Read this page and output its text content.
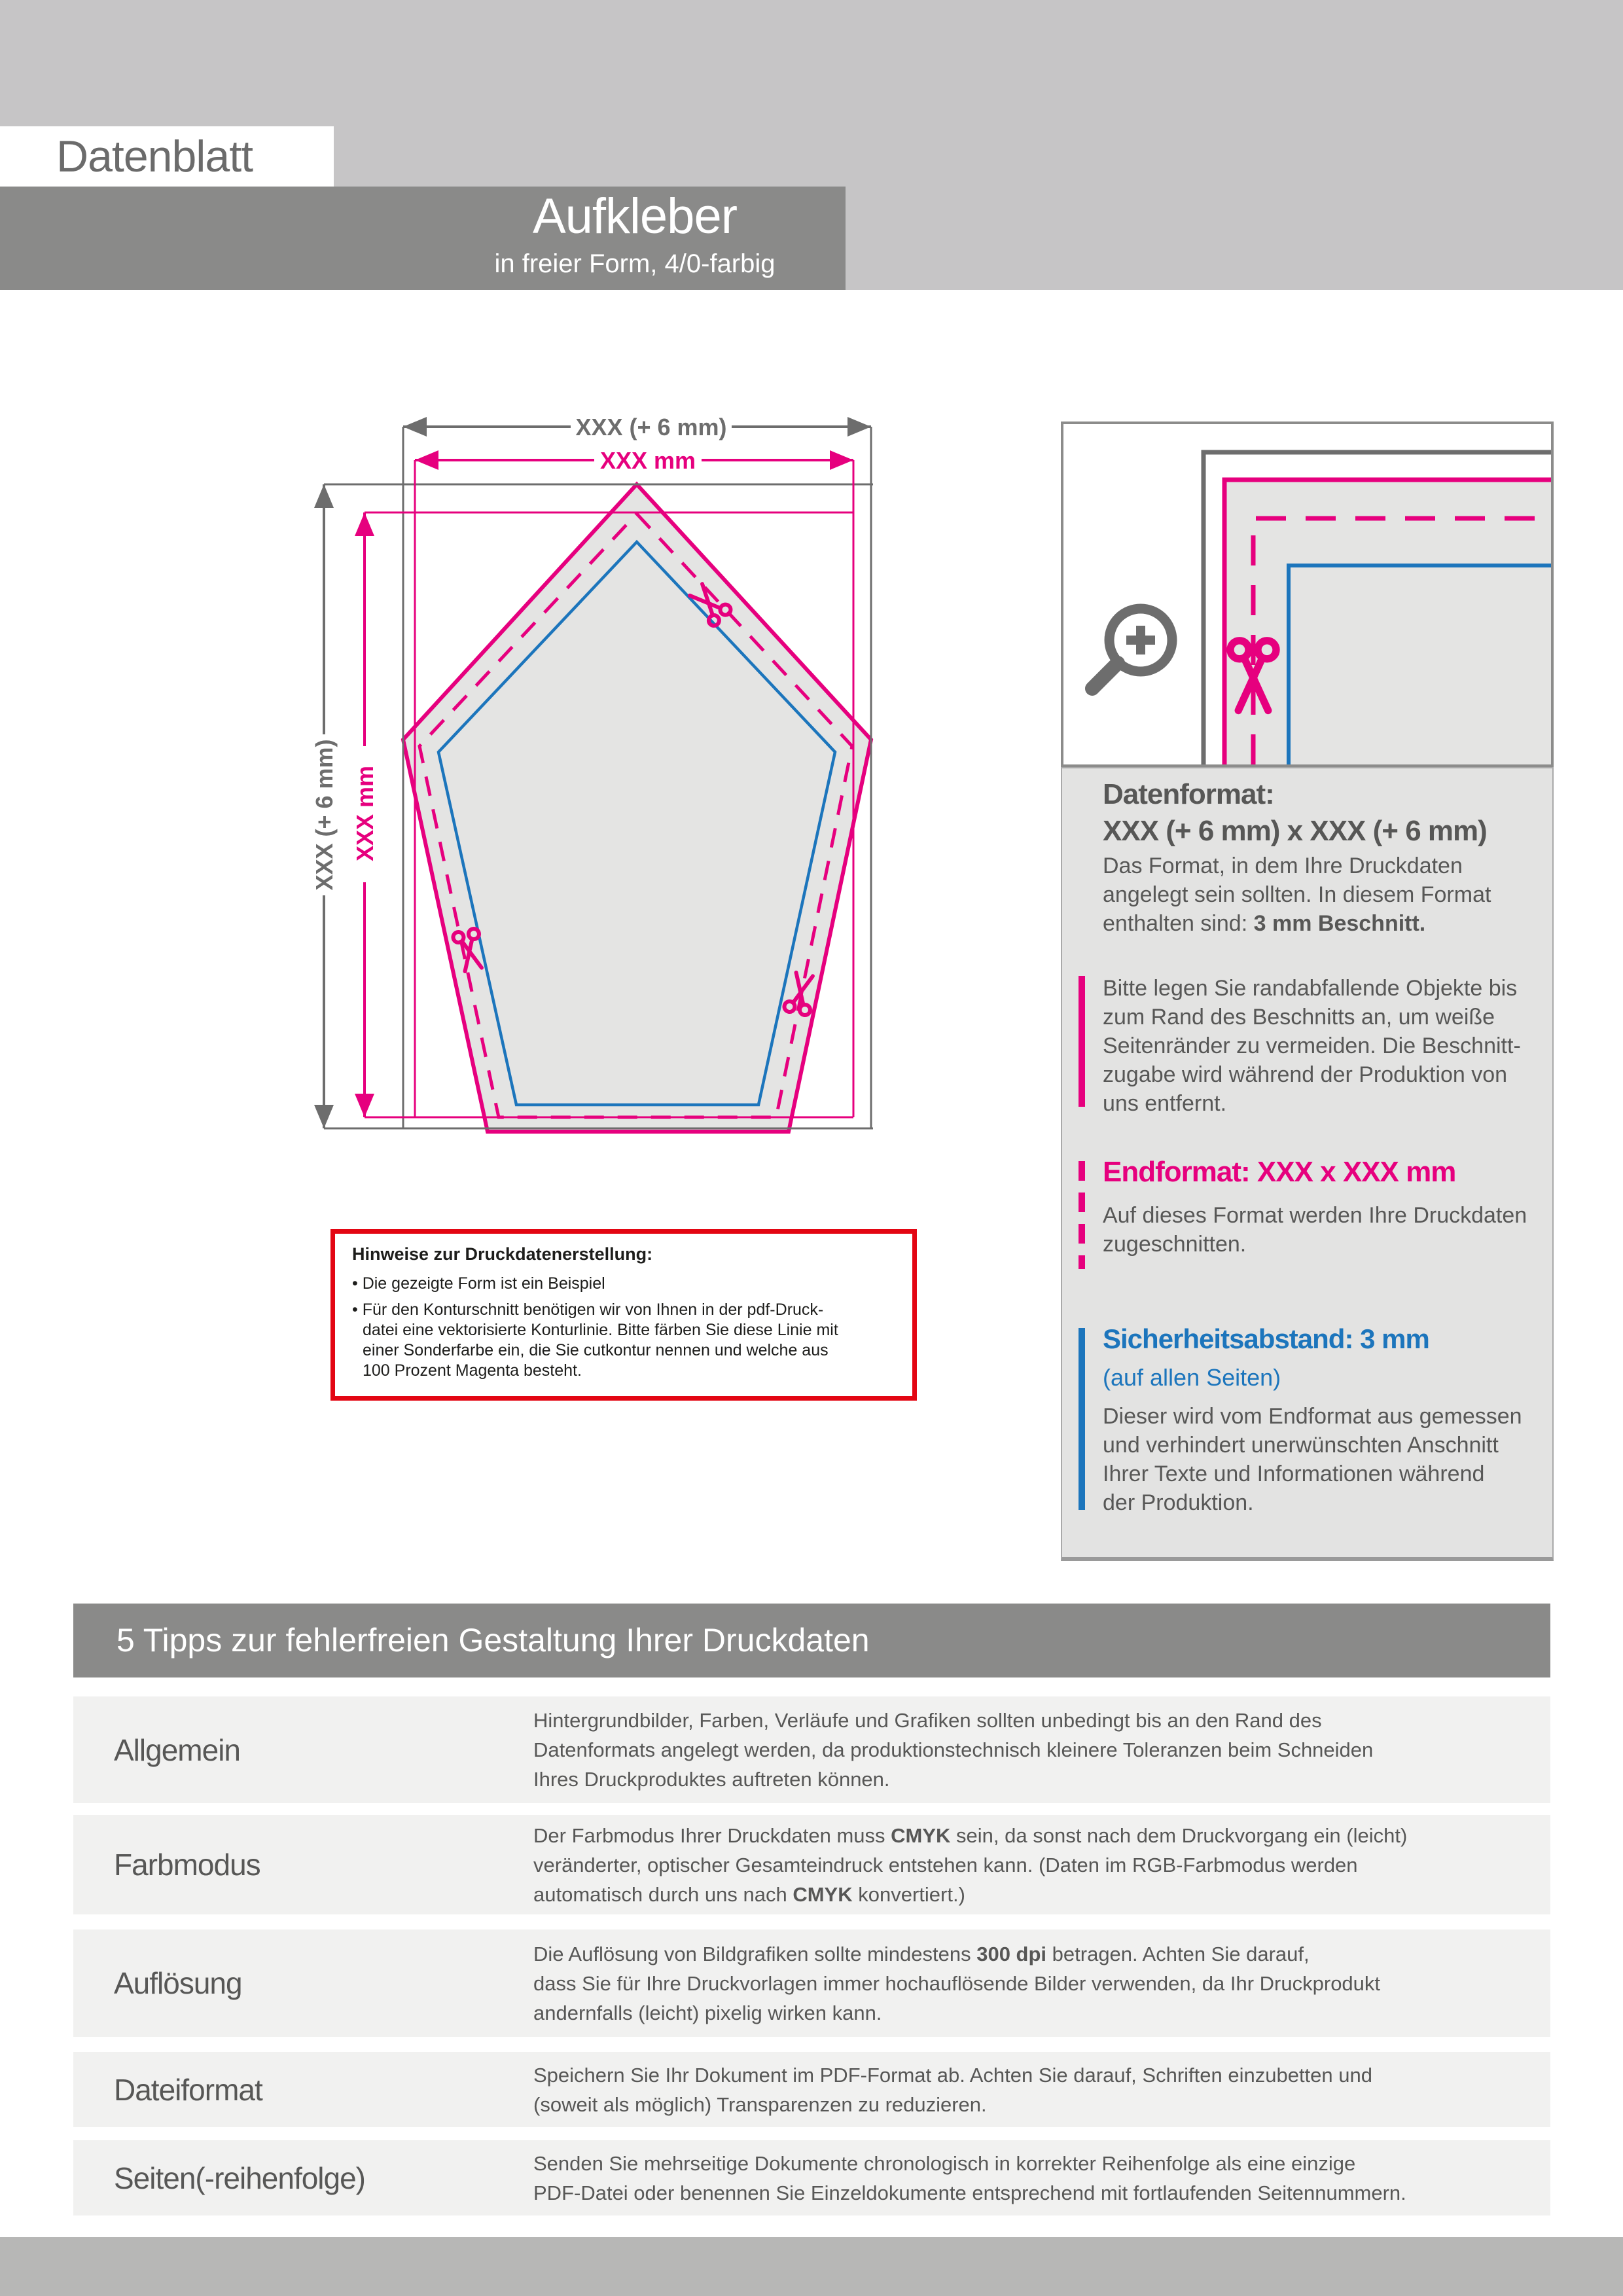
Datenblatt
Aufkleber
in freier Form, 4/0-farbig
XXX (+ 6 mm)
XXX mm
XXX (+ 6 mm) XXX mm
Hinweise zur Druckdatenerstellung:
• Die gezeigte Form ist ein Beispiel
• Für den Konturschnitt benötigen wir von Ihnen in der pdf-Druck-
datei eine vektorisierte Konturlinie. Bitte färben Sie diese Linie mit
einer Sonderfarbe ein, die Sie cutkontur nennen und welche aus
100 Prozent Magenta besteht.
Datenformat:
XXX (+ 6 mm) x XXX (+ 6 mm)
Das Format, in dem Ihre Druckdaten
angelegt sein sollten. In diesem Format
enthalten sind: 3 mm Beschnitt.
Bitte legen Sie randabfallende Objekte bis
zum Rand des Beschnitts an, um weiße
Seitenränder zu vermeiden. Die Beschnitt-
zugabe wird während der Produktion von
uns entfernt.
Endformat: XXX x XXX mm
Auf dieses Format werden Ihre Druckdaten
zugeschnitten.
Sicherheitsabstand: 3 mm
(auf allen Seiten)
Dieser wird vom Endformat aus gemessen
und verhindert unerwünschten Anschnitt
Ihrer Texte und Informationen während
der Produktion.
5 Tipps zur fehlerfreien Gestaltung Ihrer Druckdaten
Allgemein
Hintergrundbilder, Farben, Verläufe und Grafiken sollten unbedingt bis an den Rand des
Datenformats angelegt werden, da produktionstechnisch kleinere Toleranzen beim Schneiden
Ihres Druckproduktes auftreten können.
Farbmodus
Der Farbmodus Ihrer Druckdaten muss CMYK sein, da sonst nach dem Druckvorgang ein (leicht)
veränderter, optischer Gesamteindruck entstehen kann. (Daten im RGB-Farbmodus werden
automatisch durch uns nach CMYK konvertiert.)
Auflösung
Die Auflösung von Bildgrafiken sollte mindestens 300 dpi betragen. Achten Sie darauf,
dass Sie für Ihre Druckvorlagen immer hochauflösende Bilder verwenden, da Ihr Druckprodukt
andernfalls (leicht) pixelig wirken kann.
Dateiformat	Speichern Sie Ihr Dokument im PDF-Format ab. Achten Sie darauf, Schriften einzubetten und
(soweit als möglich) Transparenzen zu reduzieren.
Seiten(-reihenfolge)	Senden Sie mehrseitige Dokumente chronologisch in korrekter Reihenfolge als eine einzige
PDF-Datei oder benennen Sie Einzeldokumente entsprechend mit fortlaufenden Seitennummern.
